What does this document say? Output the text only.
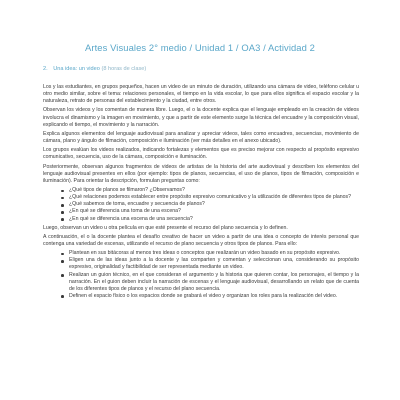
Artes Visuales 2° medio / Unidad 1 / OA3 / Actividad 2
2. Una idea: un video (8 horas de clase)

Los y las estudiantes, en grupos pequeños, hacen un video de un minuto de duración, utilizando una cámara de video, teléfono celular u otro medio similar, sobre el tema: relaciones personales, el tiempo en la vida escolar, lo que para ellos significa el espacio escolar y la naturaleza, retrato de personas del establecimiento y la ciudad, entre otros.

Observan los videos y los comentan de manera libre. Luego, el o la docente explica que el lenguaje empleado en la creación de videos involucra el dinamismo y la imagen en movimiento, y que a partir de este elemento surge la técnica del encuadre y la composición visual, explicando el tiempo, el movimiento y la narración.

Explica algunos elementos del lenguaje audiovisual para analizar y apreciar videos, tales como encuadres, secuencias, movimiento de cámara, plano y ángulo de filmación, composición e iluminación (ver más detalles en el anexo ubicado).

Los grupos evalúan los videos realizados, indicando fortalezas y elementos que es preciso mejorar con respecto al propósito expresivo comunicativo, secuencia, uso de la cámara, composición e iluminación.

Posteriormente, observan algunos fragmentos de videos de artistas de la historia del arte audiovisual y describen los elementos del lenguaje audiovisual presentes en ellos (por ejemplo: tipos de planos, secuencias, el uso de planos, tipos de filmación, composición e iluminación). Para orientar la descripción, formulan preguntas como:

¿Qué tipos de planos se filmaron? ¿Observamos?
¿Qué relaciones podemos establecer entre propósito expresivo comunicativo y la utilización de diferentes tipos de planos?
¿Qué sabemos de toma, encuadre y secuencia de planos?
¿En qué se diferencia una toma de una escena?
¿En qué se diferencia una escena de una secuencia?

Luego, observan un video u otra película en que esté presente el recurso del plano secuencia y lo definen.

A continuación, el o la docente plantea el desafío creativo de hacer un video a partir de una idea o concepto de interés personal que contenga una variedad de escenas, utilizando el recurso de plano secuencia y otros tipos de planos. Para ello:

Plantean en sus bitácoras al menos tres ideas o conceptos que realizarán un video basado en su propósito expresivo.
Eligen una de las ideas junto a la docente y las comparten y comentan y seleccionan una, considerando su propósito expresivo, originalidad y factibilidad de ser representada mediante un video.
Realizan un guion técnico, en el que consideran el argumento y la historia que quieren contar, los personajes, el tiempo y la narración. En el guion deben incluir la narración de escenas y el lenguaje audiovisual, desarrollando un relato que de cuenta de los diferentes tipos de planos y el recurso del plano secuencia.
Definen el espacio físico o los espacios donde se grabará el video y organizan los roles para la realización del video.
